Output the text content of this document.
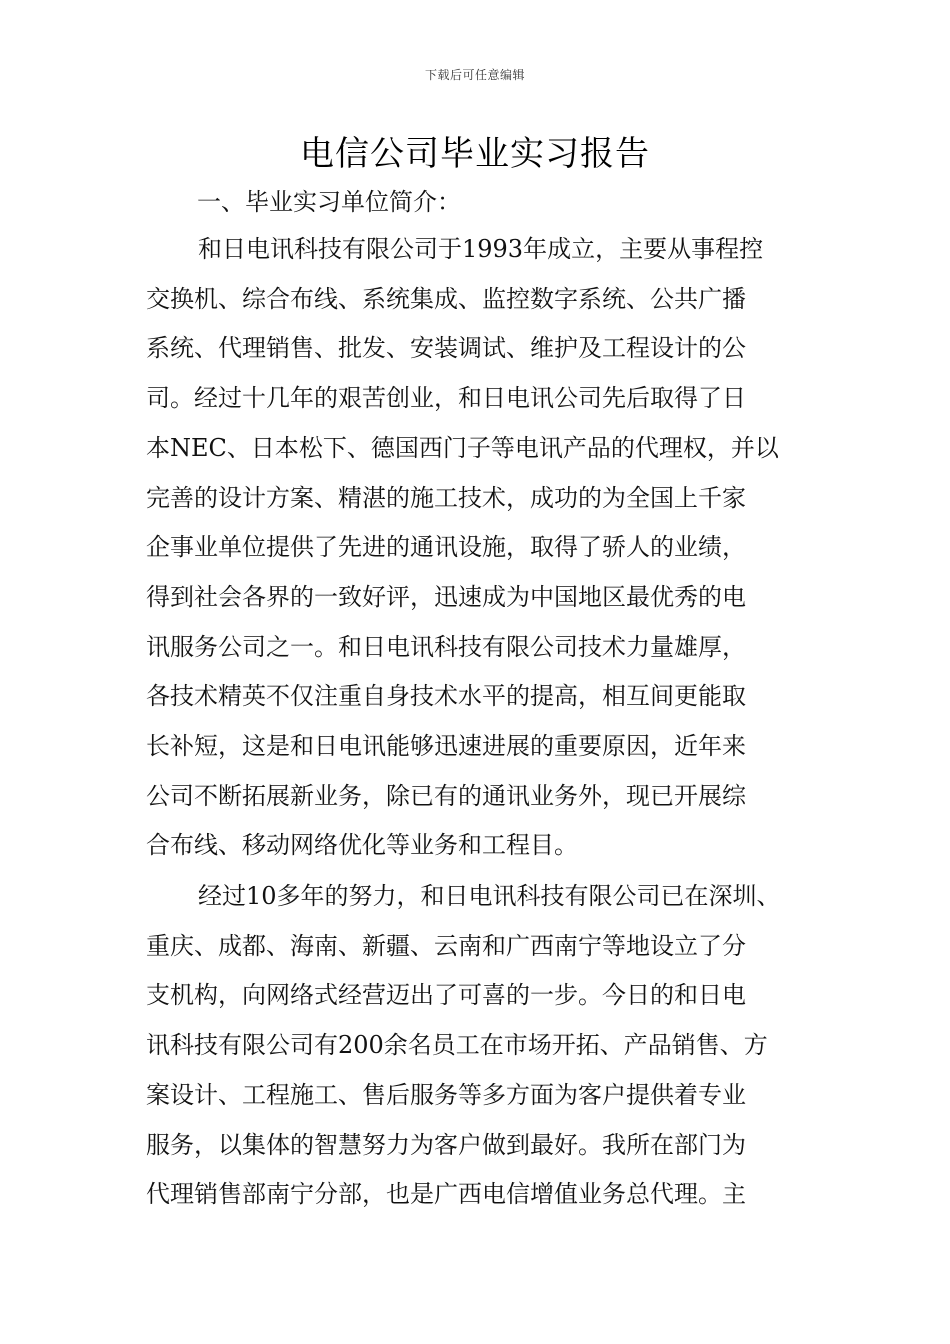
下载后可任意编辑
电信公司毕业实习报告

一、毕业实习单位简介：

和日电讯科技有限公司于1993年成立，主要从事程控
交换机、综合布线、系统集成、监控数字系统、公共广播
系统、代理销售、批发、安装调试、维护及工程设计的公
司。经过十几年的艰苦创业，和日电讯公司先后取得了日
本NEC、日本松下、德国西门子等电讯产品的代理权，并以
完善的设计方案、精湛的施工技术，成功的为全国上千家
企事业单位提供了先进的通讯设施，取得了骄人的业绩，
得到社会各界的一致好评，迅速成为中国地区最优秀的电
讯服务公司之一。和日电讯科技有限公司技术力量雄厚，
各技术精英不仅注重自身技术水平的提高，相互间更能取
长补短，这是和日电讯能够迅速进展的重要原因，近年来
公司不断拓展新业务，除已有的通讯业务外，现已开展综
合布线、移动网络优化等业务和工程目。
经过10多年的努力，和日电讯科技有限公司已在深圳、
重庆、成都、海南、新疆、云南和广西南宁等地设立了分
支机构，向网络式经营迈出了可喜的一步。今日的和日电
讯科技有限公司有200余名员工在市场开拓、产品销售、方
案设计、工程施工、售后服务等多方面为客户提供着专业
服务，以集体的智慧努力为客户做到最好。我所在部门为
代理销售部南宁分部，也是广西电信增值业务总代理。主
